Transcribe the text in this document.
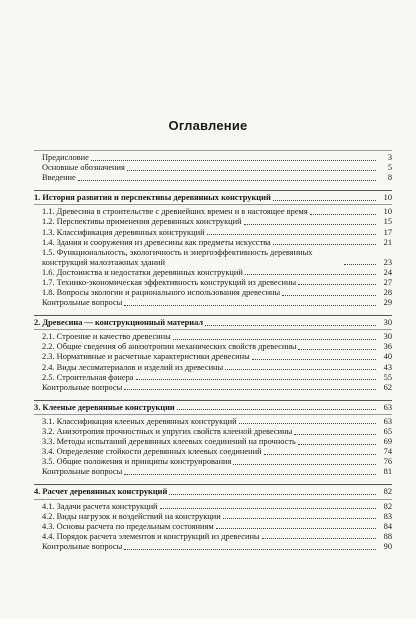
Оглавление
Предисловие	3
Основные обозначения	5
Введение	8
1. История развития и перспективы деревянных конструкций	10
1.1. Древесина в строительстве с древнейших времен и в настоящее время	10
1.2. Перспективы применения деревянных конструкций	15
1.3. Классификация деревянных конструкций	17
1.4. Здания и сооружения из древесины как предметы искусства	21
1.5. Функциональность, экологичность и энергоэффективность деревянных конструкций малоэтажных зданий	23
1.6. Достоинства и недостатки деревянных конструкций	24
1.7. Технико-экономическая эффективность конструкций из древесины	27
1.8. Вопросы экологии и рационального использования древесины	28
Контрольные вопросы	29
2. Древесина — конструкционный материал	30
2.1. Строение и качество древесины	30
2.2. Общие сведения об анизотропии механических свойств древесины	36
2.3. Нормативные и расчетные характеристики древесины	40
2.4. Виды лесоматериалов и изделий из древесины	43
2.5. Строительная фанера	55
Контрольные вопросы	62
3. Клееные деревянные конструкции	63
3.1. Классификация клееных деревянных конструкций	63
3.2. Анизотропия прочностных и упругих свойств клееной древесины	65
3.3. Методы испытаний деревянных клеевых соединений на прочность	69
3.4. Определение стойкости деревянных клеевых соединений	74
3.5. Общие положения и принципы конструирования	76
Контрольные вопросы	81
4. Расчет деревянных конструкций	82
4.1. Задачи расчета конструкций	82
4.2. Виды нагрузок и воздействий на конструкции	83
4.3. Основы расчета по предельным состояниям	84
4.4. Порядок расчета элементов и конструкций из древесины	88
Контрольные вопросы	90
